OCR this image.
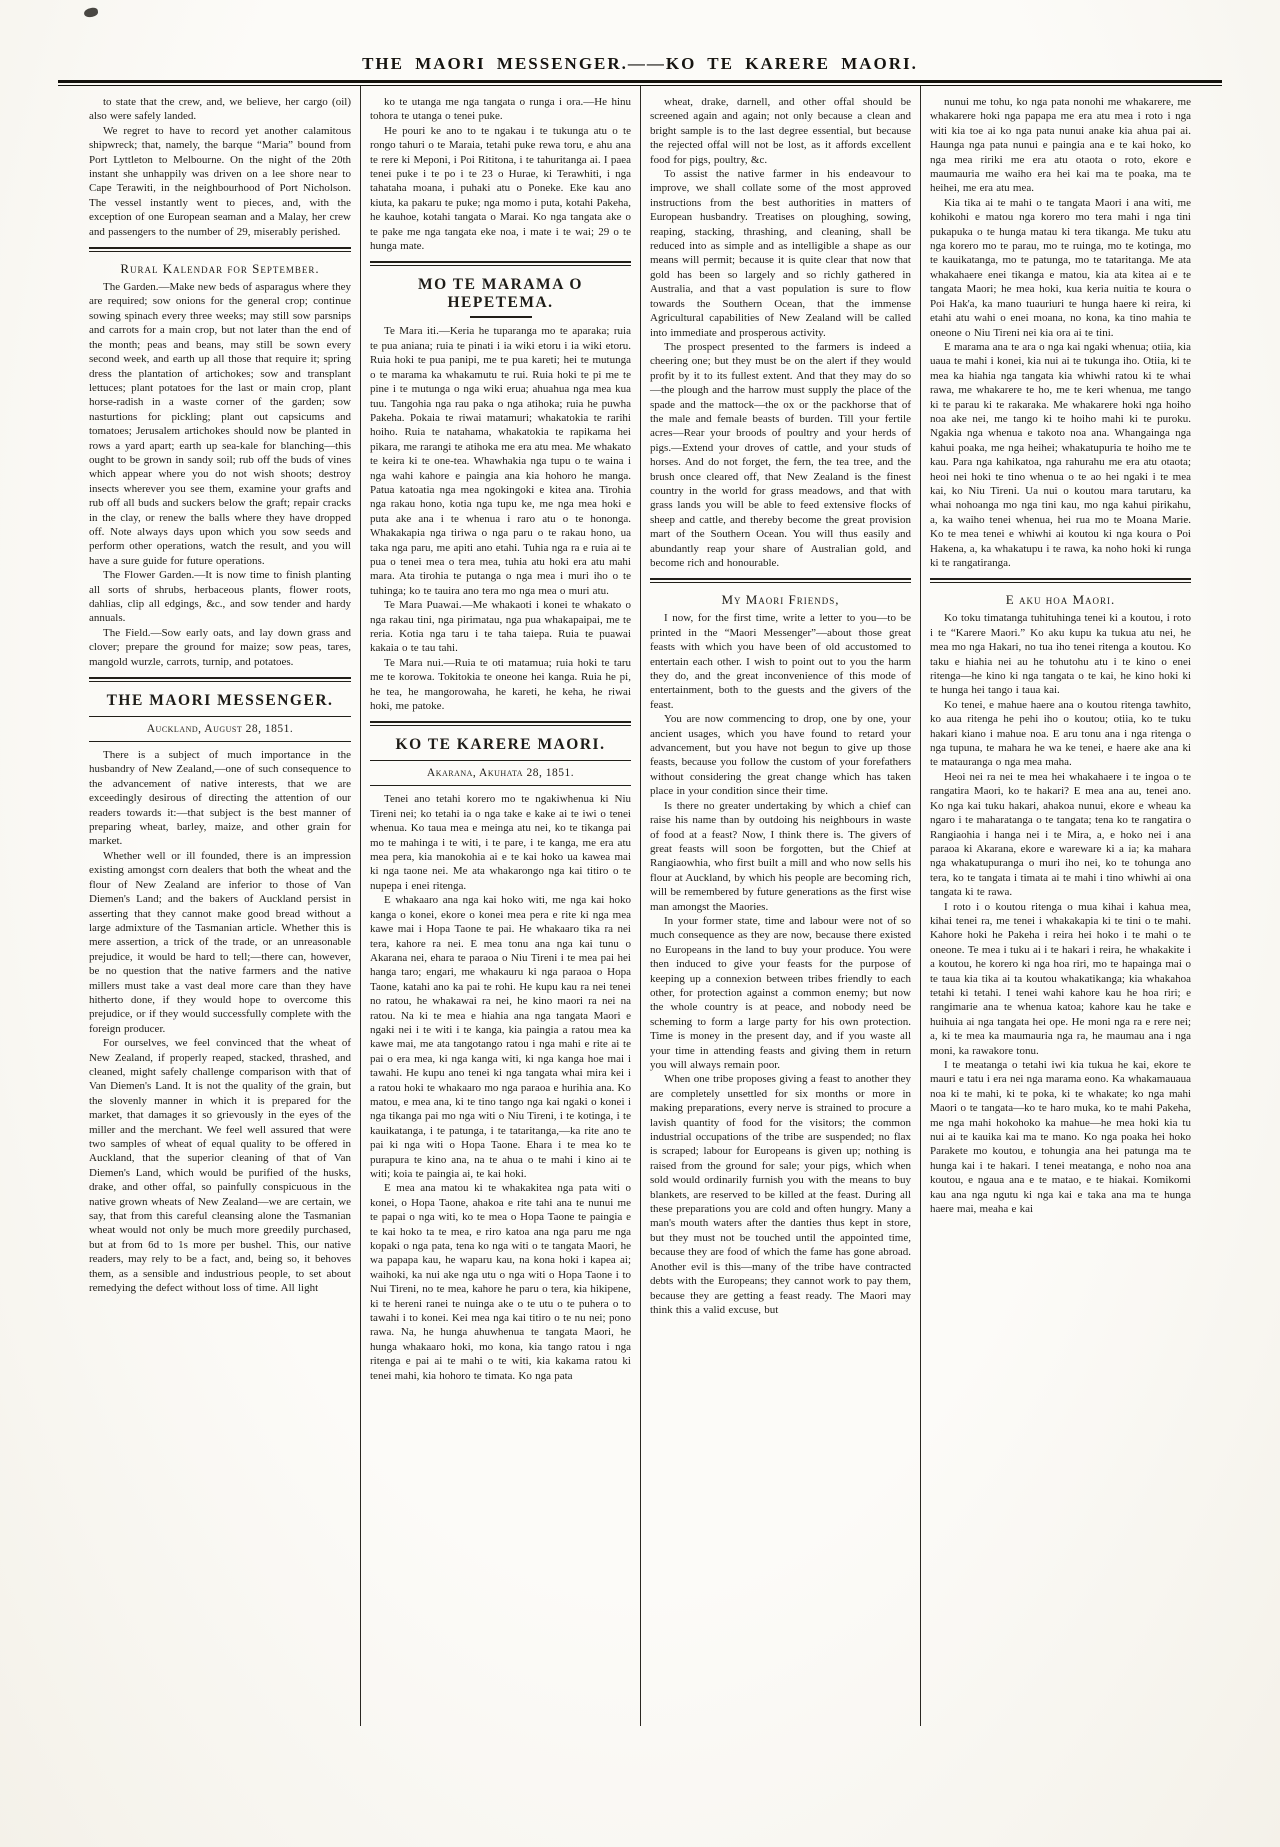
THE MAORI MESSENGER.——KO TE KARERE MAORI.

to state that the crew, and, we believe, her cargo (oil) also were safely landed.

We regret to have to record yet another calamitous shipwreck; that, namely, the barque “Maria” bound from Port Lyttleton to Melbourne. On the night of the 20th instant she unhappily was driven on a lee shore near to Cape Terawiti, in the neighbourhood of Port Nicholson. The vessel instantly went to pieces, and, with the exception of one European seaman and a Malay, her crew and passengers to the number of 29, miserably perished.

Rural Kalendar for September.

The Garden.—Make new beds of asparagus where they are required; sow onions for the general crop; continue sowing spinach every three weeks; may still sow parsnips and carrots for a main crop, but not later than the end of the month; peas and beans, may still be sown every second week, and earth up all those that require it; spring dress the plantation of artichokes; sow and transplant lettuces; plant potatoes for the last or main crop, plant horse-radish in a waste corner of the garden; sow nasturtions for pickling; plant out capsicums and tomatoes; Jerusalem artichokes should now be planted in rows a yard apart; earth up sea-kale for blanching—this ought to be grown in sandy soil; rub off the buds of vines which appear where you do not wish shoots; destroy insects wherever you see them, examine your grafts and rub off all buds and suckers below the graft; repair cracks in the clay, or renew the balls where they have dropped off. Note always days upon which you sow seeds and perform other operations, watch the result, and you will have a sure guide for future operations.

The Flower Garden.—It is now time to finish planting all sorts of shrubs, herbaceous plants, flower roots, dahlias, clip all edgings, &c., and sow tender and hardy annuals.

The Field.—Sow early oats, and lay down grass and clover; prepare the ground for maize; sow peas, tares, mangold wurzle, carrots, turnip, and potatoes.

THE MAORI MESSENGER.
Auckland, August 28, 1851.

There is a subject of much importance in the husbandry of New Zealand,—one of such consequence to the advancement of native interests, that we are exceedingly desirous of directing the attention of our readers towards it:—that subject is the best manner of preparing wheat, barley, maize, and other grain for market.

Whether well or ill founded, there is an impression existing amongst corn dealers that both the wheat and the flour of New Zealand are inferior to those of Van Diemen's Land; and the bakers of Auckland persist in asserting that they cannot make good bread without a large admixture of the Tasmanian article. Whether this is mere assertion, a trick of the trade, or an unreasonable prejudice, it would be hard to tell;—there can, however, be no question that the native farmers and the native millers must take a vast deal more care than they have hitherto done, if they would hope to overcome this prejudice, or if they would successfully complete with the foreign producer.

For ourselves, we feel convinced that the wheat of New Zealand, if properly reaped, stacked, thrashed, and cleaned, might safely challenge comparison with that of Van Diemen's Land. It is not the quality of the grain, but the slovenly manner in which it is prepared for the market, that damages it so grievously in the eyes of the miller and the merchant. We feel well assured that were two samples of wheat of equal quality to be offered in Auckland, that the superior cleaning of that of Van Diemen's Land, which would be purified of the husks, drake, and other offal, so painfully conspicuous in the native grown wheats of New Zealand—we are certain, we say, that from this careful cleansing alone the Tasmanian wheat would not only be much more greedily purchased, but at from 6d to 1s more per bushel. This, our native readers, may rely to be a fact, and, being so, it behoves them, as a sensible and industrious people, to set about remedying the defect without loss of time. All light

ko te utanga me nga tangata o runga i ora.—He hinu tohora te utanga o tenei puke.

He pouri ke ano to te ngakau i te tukunga atu o te rongo tahuri o te Maraia, tetahi puke rewa toru, e ahu ana te rere ki Meponi, i Poi Rititona, i te tahuritanga ai. I paea tenei puke i te po i te 23 o Hurae, ki Terawhiti, i nga tahataha moana, i puhaki atu o Poneke. Eke kau ano kiuta, ka pakaru te puke; nga momo i puta, kotahi Pakeha, he kauhoe, kotahi tangata o Marai. Ko nga tangata ake o te pake me nga tangata eke noa, i mate i te wai; 29 o te hunga mate.

MO TE MARAMA O HEPETEMA.

Te Mara iti.—Keria he tuparanga mo te aparaka; ruia te pua aniana; ruia te pinati i ia wiki etoru i ia wiki etoru. Ruia hoki te pua panipi, me te pua kareti; hei te mutunga o te marama ka whakamutu te rui. Ruia hoki te pi me te pine i te mutunga o nga wiki erua; ahuahua nga mea kua tuu. Tangohia nga rau paka o nga atihoka; ruia he puwha Pakeha. Pokaia te riwai matamuri; whakatokia te rarihi hoiho. Ruia te natahama, whakatokia te rapikama hei pikara, me rarangi te atihoka me era atu mea. Me whakato te keira ki te one-tea. Whawhakia nga tupu o te waina i nga wahi kahore e paingia ana kia hohoro he manga. Patua katoatia nga mea ngokingoki e kitea ana. Tirohia nga rakau hono, kotia nga tupu ke, me nga mea hoki e puta ake ana i te whenua i raro atu o te hononga. Whakakapia nga tiriwa o nga paru o te rakau hono, ua taka nga paru, me apiti ano etahi. Tuhia nga ra e ruia ai te pua o tenei mea o tera mea, tuhia atu hoki era atu mahi mara. Ata tirohia te putanga o nga mea i muri iho o te tuhinga; ko te tauira ano tera mo nga mea o muri atu.

Te Mara Puawai.—Me whakaoti i konei te whakato o nga rakau tini, nga pirimatau, nga pua whakapaipai, me te reria. Kotia nga taru i te taha taiepa. Ruia te puawai kakaia o te tau tahi.

Te Mara nui.—Ruia te oti matamua; ruia hoki te taru me te korowa. Tokitokia te oneone hei kanga. Ruia he pi, he tea, he mangorowaha, he kareti, he keha, he riwai hoki, me patoke.

KO TE KARERE MAORI.
Akarana, Akuhata 28, 1851.

Tenei ano tetahi korero mo te ngakiwhenua ki Niu Tireni nei; ko tetahi ia o nga take e kake ai te iwi o tenei whenua. Ko taua mea e meinga atu nei, ko te tikanga pai mo te mahinga i te witi, i te pare, i te kanga, me era atu mea pera, kia manokohia ai e te kai hoko ua kawea mai ki nga taone nei. Me ata whakarongo nga kai titiro o te nupepa i enei ritenga.

E whakaaro ana nga kai hoko witi, me nga kai hoko kanga o konei, ekore o konei mea pera e rite ki nga mea kawe mai i Hopa Taone te pai. He whakaaro tika ra nei tera, kahore ra nei. E mea tonu ana nga kai tunu o Akarana nei, ehara te paraoa o Niu Tireni i te mea pai hei hanga taro; engari, me whakauru ki nga paraoa o Hopa Taone, katahi ano ka pai te rohi. He kupu kau ra nei tenei no ratou, he whakawai ra nei, he kino maori ra nei na ratou. Na ki te mea e hiahia ana nga tangata Maori e ngaki nei i te witi i te kanga, kia paingia a ratou mea ka kawe mai, me ata tangotango ratou i nga mahi e rite ai te pai o era mea, ki nga kanga witi, ki nga kanga hoe mai i tawahi. He kupu ano tenei ki nga tangata whai mira kei i a ratou hoki te whakaaro mo nga paraoa e hurihia ana. Ko matou, e mea ana, ki te tino tango nga kai ngaki o konei i nga tikanga pai mo nga witi o Niu Tireni, i te kotinga, i te kauikatanga, i te patunga, i te tataritanga,—ka rite ano te pai ki nga witi o Hopa Taone. Ehara i te mea ko te purapura te kino ana, na te ahua o te mahi i kino ai te witi; koia te paingia ai, te kai hoki.

E mea ana matou ki te whakakitea nga pata witi o konei, o Hopa Taone, ahakoa e rite tahi ana te nunui me te papai o nga witi, ko te mea o Hopa Taone te paingia e te kai hoko ta te mea, e riro katoa ana nga paru me nga kopaki o nga pata, tena ko nga witi o te tangata Maori, he wa papapa kau, he waparu kau, na kona hoki i kapea ai; waihoki, ka nui ake nga utu o nga witi o Hopa Taone i to Nui Tireni, no te mea, kahore he paru o tera, kia hikipene, ki te hereni ranei te nuinga ake o te utu o te puhera o to tawahi i to konei. Kei mea nga kai titiro o te nu nei; pono rawa. Na, he hunga ahuwhenua te tangata Maori, he hunga whakaaro hoki, mo kona, kia tango ratou i nga ritenga e pai ai te mahi o te witi, kia kakama ratou ki tenei mahi, kia hohoro te timata. Ko nga pata

wheat, drake, darnell, and other offal should be screened again and again; not only because a clean and bright sample is to the last degree essential, but because the rejected offal will not be lost, as it affords excellent food for pigs, poultry, &c.

To assist the native farmer in his endeavour to improve, we shall collate some of the most approved instructions from the best authorities in matters of European husbandry. Treatises on ploughing, sowing, reaping, stacking, thrashing, and cleaning, shall be reduced into as simple and as intelligible a shape as our means will permit; because it is quite clear that now that gold has been so largely and so richly gathered in Australia, and that a vast population is sure to flow towards the Southern Ocean, that the immense Agricultural capabilities of New Zealand will be called into immediate and prosperous activity.

The prospect presented to the farmers is indeed a cheering one; but they must be on the alert if they would profit by it to its fullest extent. And that they may do so—the plough and the harrow must supply the place of the spade and the mattock—the ox or the packhorse that of the male and female beasts of burden. Till your fertile acres—Rear your broods of poultry and your herds of pigs.—Extend your droves of cattle, and your studs of horses. And do not forget, the fern, the tea tree, and the brush once cleared off, that New Zealand is the finest country in the world for grass meadows, and that with grass lands you will be able to feed extensive flocks of sheep and cattle, and thereby become the great provision mart of the Southern Ocean. You will thus easily and abundantly reap your share of Australian gold, and become rich and honourable.

My Maori Friends,

I now, for the first time, write a letter to you—to be printed in the “Maori Messenger”—about those great feasts with which you have been of old accustomed to entertain each other. I wish to point out to you the harm they do, and the great inconvenience of this mode of entertainment, both to the guests and the givers of the feast.

You are now commencing to drop, one by one, your ancient usages, which you have found to retard your advancement, but you have not begun to give up those feasts, because you follow the custom of your forefathers without considering the great change which has taken place in your condition since their time.

Is there no greater undertaking by which a chief can raise his name than by outdoing his neighbours in waste of food at a feast? Now, I think there is. The givers of great feasts will soon be forgotten, but the Chief at Rangiaowhia, who first built a mill and who now sells his flour at Auckland, by which his people are becoming rich, will be remembered by future generations as the first wise man amongst the Maories.

In your former state, time and labour were not of so much consequence as they are now, because there existed no Europeans in the land to buy your produce. You were then induced to give your feasts for the purpose of keeping up a connexion between tribes friendly to each other, for protection against a common enemy; but now the whole country is at peace, and nobody need be scheming to form a large party for his own protection. Time is money in the present day, and if you waste all your time in attending feasts and giving them in return you will always remain poor.

When one tribe proposes giving a feast to another they are completely unsettled for six months or more in making preparations, every nerve is strained to procure a lavish quantity of food for the visitors; the common industrial occupations of the tribe are suspended; no flax is scraped; labour for Europeans is given up; nothing is raised from the ground for sale; your pigs, which when sold would ordinarily furnish you with the means to buy blankets, are reserved to be killed at the feast. During all these preparations you are cold and often hungry. Many a man's mouth waters after the danties thus kept in store, but they must not be touched until the appointed time, because they are food of which the fame has gone abroad. Another evil is this—many of the tribe have contracted debts with the Europeans; they cannot work to pay them, because they are getting a feast ready. The Maori may think this a valid excuse, but

nunui me tohu, ko nga pata nonohi me whakarere, me whakarere hoki nga papapa me era atu mea i roto i nga witi kia toe ai ko nga pata nunui anake kia ahua pai ai. Haunga nga pata nunui e paingia ana e te kai hoko, ko nga mea ririki me era atu otaota o roto, ekore e maumauria me waiho era hei kai ma te poaka, ma te heihei, me era atu mea.

Kia tika ai te mahi o te tangata Maori i ana witi, me kohikohi e matou nga korero mo tera mahi i nga tini pukapuka o te hunga matau ki tera tikanga. Me tuku atu nga korero mo te parau, mo te ruinga, mo te kotinga, mo te kauikatanga, mo te patunga, mo te tataritanga. Me ata whakahaere enei tikanga e matou, kia ata kitea ai e te tangata Maori; he mea hoki, kua keria nuitia te koura o Poi Hak'a, ka mano tuauriuri te hunga haere ki reira, ki etahi atu wahi o enei moana, no kona, ka tino mahia te oneone o Niu Tireni nei kia ora ai te tini.

E marama ana te ara o nga kai ngaki whenua; otiia, kia uaua te mahi i konei, kia nui ai te tukunga iho. Otiia, ki te mea ka hiahia nga tangata kia whiwhi ratou ki te whai rawa, me whakarere te ho, me te keri whenua, me tango ki te parau ki te rakaraka. Me whakarere hoki nga hoiho noa ake nei, me tango ki te hoiho mahi ki te puroku. Ngakia nga whenua e takoto noa ana. Whangainga nga kahui poaka, me nga heihei; whakatupuria te hoiho me te kau. Para nga kahikatoa, nga rahurahu me era atu otaota; heoi nei hoki te tino whenua o te ao hei ngaki i te mea kai, ko Niu Tireni. Ua nui o koutou mara tarutaru, ka whai nohoanga mo nga tini kau, mo nga kahui pirikahu, a, ka waiho tenei whenua, hei rua mo te Moana Marie. Ko te mea tenei e whiwhi ai koutou ki nga koura o Poi Hakena, a, ka whakatupu i te rawa, ka noho hoki ki runga ki te rangatiranga.

E aku hoa Maori.

Ko toku timatanga tuhituhinga tenei ki a koutou, i roto i te “Karere Maori.” Ko aku kupu ka tukua atu nei, he mea mo nga Hakari, no tua iho tenei ritenga a koutou. Ko taku e hiahia nei au he tohutohu atu i te kino o enei ritenga—he kino ki nga tangata o te kai, he kino hoki ki te hunga hei tango i taua kai.

Ko tenei, e mahue haere ana o koutou ritenga tawhito, ko aua ritenga he pehi iho o koutou; otiia, ko te tuku hakari kiano i mahue noa. E aru tonu ana i nga ritenga o nga tupuna, te mahara he wa ke tenei, e haere ake ana ki te matauranga o nga mea maha.

Heoi nei ra nei te mea hei whakahaere i te ingoa o te rangatira Maori, ko te hakari? E mea ana au, tenei ano. Ko nga kai tuku hakari, ahakoa nunui, ekore e wheau ka ngaro i te maharatanga o te tangata; tena ko te rangatira o Rangiaohia i hanga nei i te Mira, a, e hoko nei i ana paraoa ki Akarana, ekore e wareware ki a ia; ka mahara nga whakatupuranga o muri iho nei, ko te tohunga ano tera, ko te tangata i timata ai te mahi i tino whiwhi ai ona tangata ki te rawa.

I roto i o koutou ritenga o mua kihai i kahua mea, kihai tenei ra, me tenei i whakakapia ki te tini o te mahi. Kahore hoki he Pakeha i reira hei hoko i te mahi o te oneone. Te mea i tuku ai i te hakari i reira, he whakakite i a koutou, he korero ki nga hoa riri, mo te hapainga mai o te taua kia tika ai ta koutou whakatikanga; kia whakahoa tetahi ki tetahi. I tenei wahi kahore kau he hoa riri; e rangimarie ana te whenua katoa; kahore kau he take e huihuia ai nga tangata hei ope. He moni nga ra e rere nei; a, ki te mea ka maumauria nga ra, he maumau ana i nga moni, ka rawakore tonu.

I te meatanga o tetahi iwi kia tukua he kai, ekore te mauri e tatu i era nei nga marama eono. Ka whakamauaua noa ki te mahi, ki te poka, ki te whakate; ko nga mahi Maori o te tangata—ko te haro muka, ko te mahi Pakeha, me nga mahi hokohoko ka mahue—he mea hoki kia tu nui ai te kauika kai ma te mano. Ko nga poaka hei hoko Parakete mo koutou, e tohungia ana hei patunga ma te hunga kai i te hakari. I tenei meatanga, e noho noa ana koutou, e ngaua ana e te matao, e te hiakai. Komikomi kau ana nga ngutu ki nga kai e taka ana ma te hunga haere mai, meaha e kai
